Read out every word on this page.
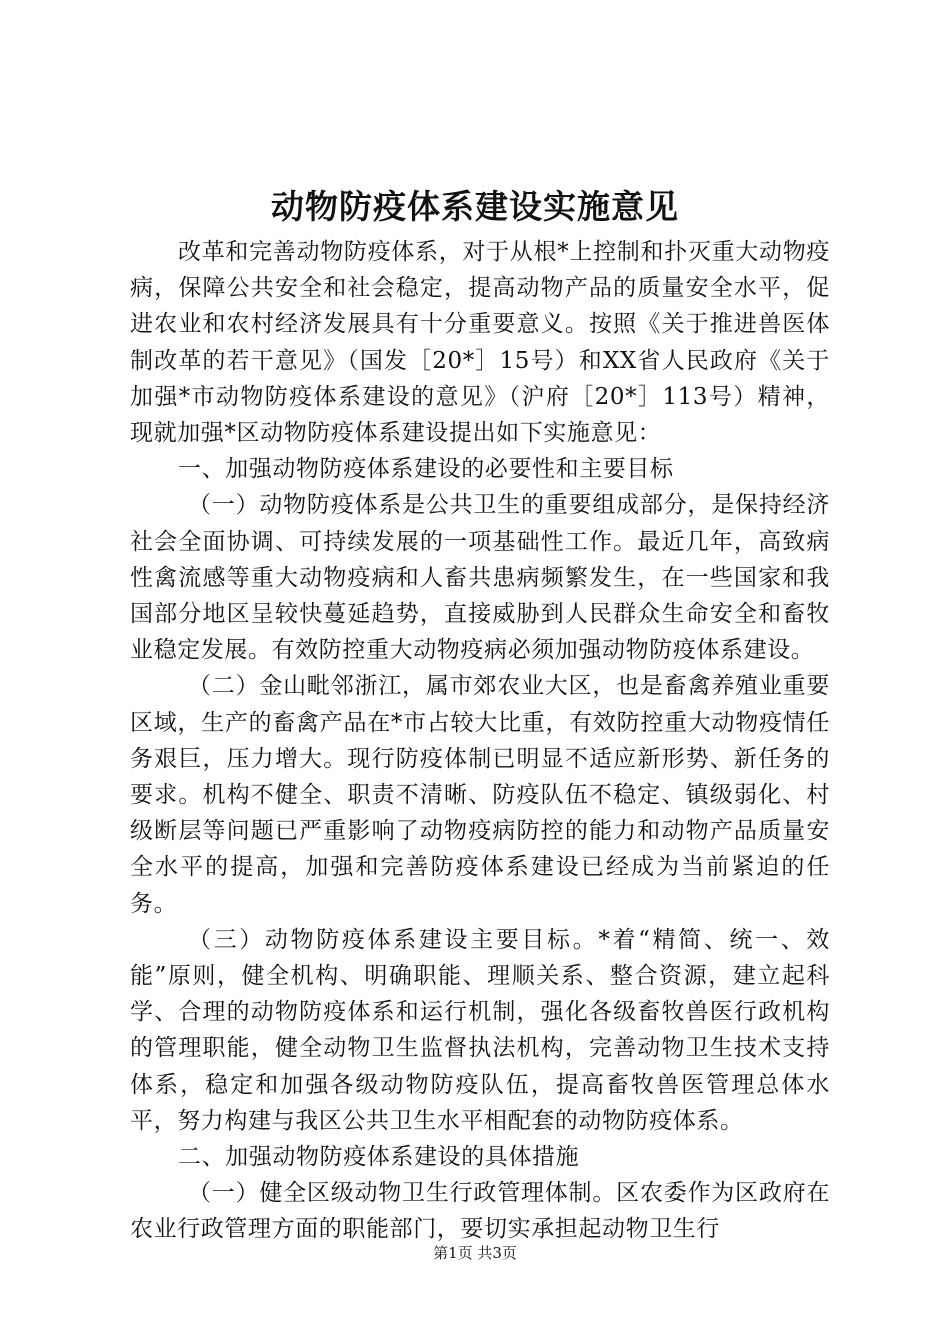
动物防疫体系建设实施意见

改革和完善动物防疫体系，对于从根*上控制和扑灭重大动物疫病，保障公共安全和社会稳定，提高动物产品的质量安全水平，促进农业和农村经济发展具有十分重要意义。按照《关于推进兽医体制改革的若干意见》（国发［20*］15号）和XX省人民政府《关于加强*市动物防疫体系建设的意见》（沪府［20*］113号）精神，现就加强*区动物防疫体系建设提出如下实施意见：

一、加强动物防疫体系建设的必要性和主要目标

（一）动物防疫体系是公共卫生的重要组成部分，是保持经济社会全面协调、可持续发展的一项基础性工作。最近几年，高致病性禽流感等重大动物疫病和人畜共患病频繁发生，在一些国家和我国部分地区呈较快蔓延趋势，直接威胁到人民群众生命安全和畜牧业稳定发展。有效防控重大动物疫病必须加强动物防疫体系建设。

（二）金山毗邻浙江，属市郊农业大区，也是畜禽养殖业重要区域，生产的畜禽产品在*市占较大比重，有效防控重大动物疫情任务艰巨，压力增大。现行防疫体制已明显不适应新形势、新任务的要求。机构不健全、职责不清晰、防疫队伍不稳定、镇级弱化、村级断层等问题已严重影响了动物疫病防控的能力和动物产品质量安全水平的提高，加强和完善防疫体系建设已经成为当前紧迫的任务。

（三）动物防疫体系建设主要目标。*着“精简、统一、效能”原则，健全机构、明确职能、理顺关系、整合资源，建立起科学、合理的动物防疫体系和运行机制，强化各级畜牧兽医行政机构的管理职能，健全动物卫生监督执法机构，完善动物卫生技术支持体系，稳定和加强各级动物防疫队伍，提高畜牧兽医管理总体水平，努力构建与我区公共卫生水平相配套的动物防疫体系。

二、加强动物防疫体系建设的具体措施

（一）健全区级动物卫生行政管理体制。区农委作为区政府在农业行政管理方面的职能部门，要切实承担起动物卫生行

第1页 共3页
